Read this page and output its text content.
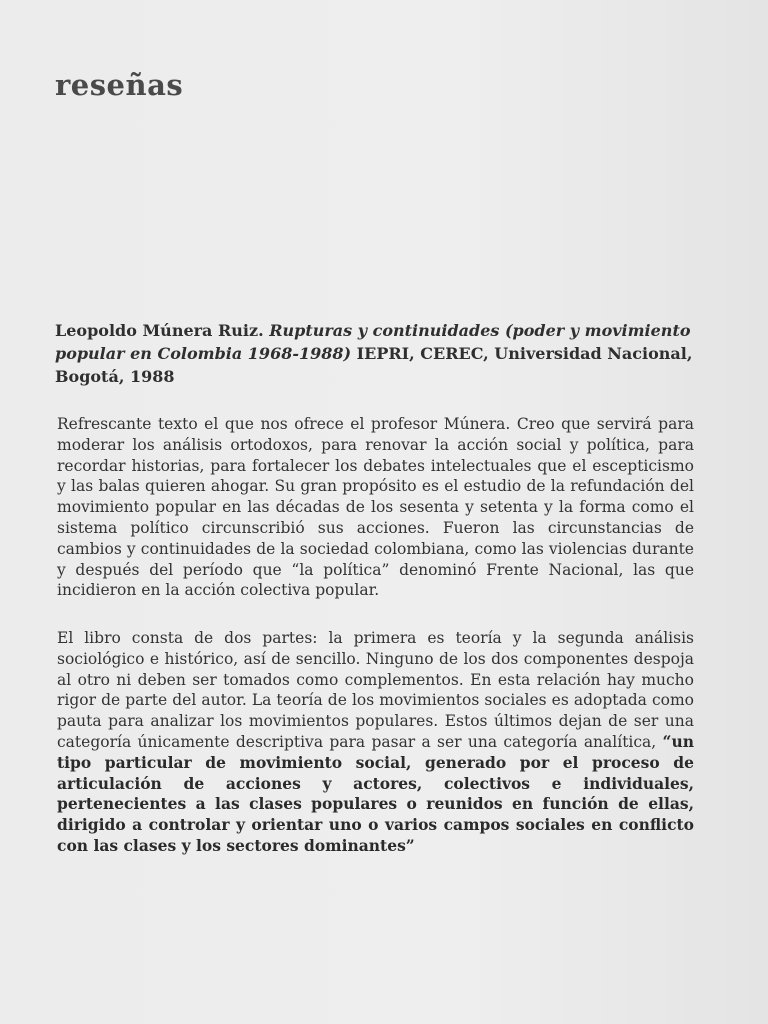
reseñas

Leopoldo Múnera Ruiz. Rupturas y continuidades (poder y movimiento popular en Colombia 1968-1988) IEPRI, CEREC, Universidad Nacional, Bogotá, 1988

Refrescante texto el que nos ofrece el profesor Múnera. Creo que servirá para moderar los análisis ortodoxos, para renovar la acción social y política, para recordar historias, para fortalecer los debates intelectuales que el escepticismo y las balas quieren ahogar. Su gran propósito es el estudio de la refundación del movimiento popular en las décadas de los sesenta y setenta y la forma como el sistema político circunscribió sus acciones. Fueron las circunstancias de cambios y continuidades de la sociedad colombiana, como las violencias durante y después del período que “la política” denominó Frente Nacional, las que incidieron en la acción colectiva popular.

El libro consta de dos partes: la primera es teoría y la segunda análisis sociológico e histórico, así de sencillo. Ninguno de los dos componentes despoja al otro ni deben ser tomados como complementos. En esta relación hay mucho rigor de parte del autor. La teoría de los movimientos sociales es adoptada como pauta para analizar los movimientos populares. Estos últimos dejan de ser una categoría únicamente descriptiva para pasar a ser una categoría analítica, “un tipo particular de movimiento social, generado por el proceso de articulación de acciones y actores, colectivos e individuales, pertenecientes a las clases populares o reunidos en función de ellas, dirigido a controlar y orientar uno o varios campos sociales en conflicto con las clases y los sectores dominantes”
